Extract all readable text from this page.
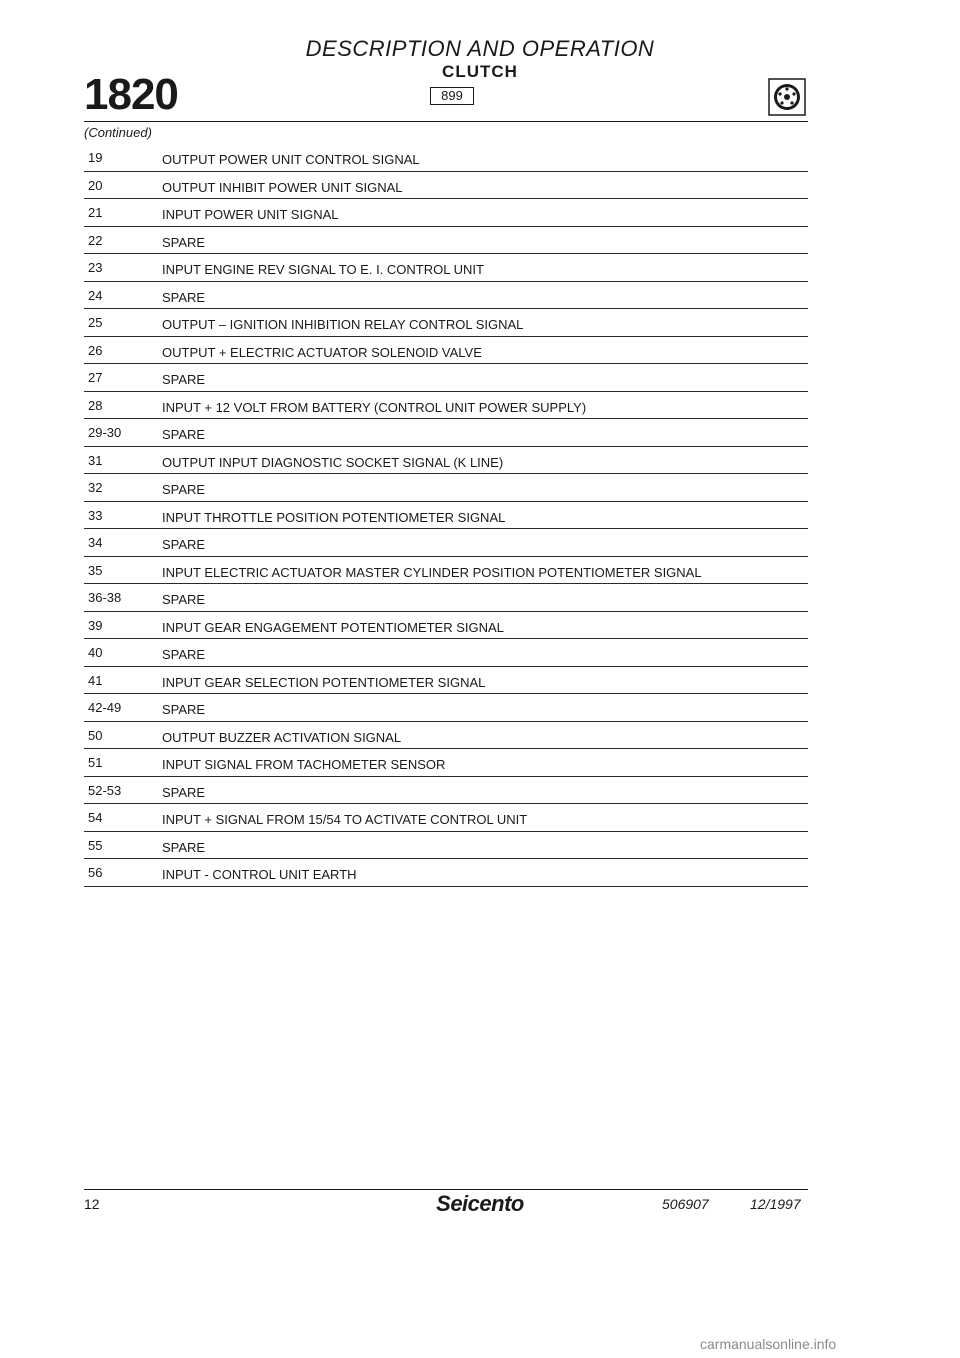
DESCRIPTION AND OPERATION
CLUTCH
899
1820
(Continued)
19	OUTPUT POWER UNIT CONTROL SIGNAL
20	OUTPUT INHIBIT POWER UNIT SIGNAL
21	INPUT POWER UNIT SIGNAL
22	SPARE
23	INPUT ENGINE REV SIGNAL TO E. I. CONTROL UNIT
24	SPARE
25	OUTPUT – IGNITION INHIBITION RELAY CONTROL SIGNAL
26	OUTPUT + ELECTRIC ACTUATOR SOLENOID VALVE
27	SPARE
28	INPUT + 12 VOLT FROM BATTERY (CONTROL UNIT POWER SUPPLY)
29-30	SPARE
31	OUTPUT INPUT DIAGNOSTIC SOCKET SIGNAL (K LINE)
32	SPARE
33	INPUT THROTTLE POSITION POTENTIOMETER SIGNAL
34	SPARE
35	INPUT ELECTRIC ACTUATOR MASTER CYLINDER POSITION POTENTIOMETER SIGNAL
36-38	SPARE
39	INPUT GEAR ENGAGEMENT POTENTIOMETER SIGNAL
40	SPARE
41	INPUT GEAR SELECTION POTENTIOMETER SIGNAL
42-49	SPARE
50	OUTPUT BUZZER ACTIVATION SIGNAL
51	INPUT SIGNAL FROM TACHOMETER SENSOR
52-53	SPARE
54	INPUT + SIGNAL FROM 15/54 TO ACTIVATE CONTROL UNIT
55	SPARE
56	INPUT - CONTROL UNIT EARTH
12	Seicento	506907	12/1997
carmanualsonline.info
